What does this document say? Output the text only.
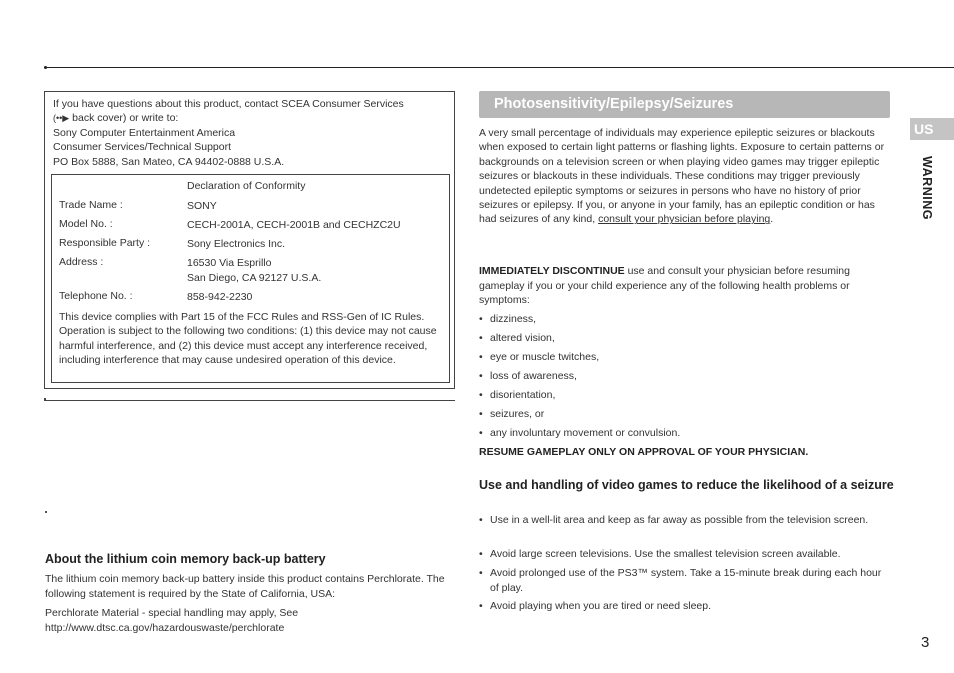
If you have questions about this product, contact SCEA Consumer Services
(••▶ back cover) or write to:
Sony Computer Entertainment America
Consumer Services/Technical Support
PO Box 5888, San Mateo, CA 94402-0888 U.S.A.
Declaration of Conformity
Trade Name :	SONY
Model No. :	CECH-2001A, CECH-2001B and CECHZC2U
Responsible Party :	Sony Electronics Inc.
Address :	16530 Via Esprillo
San Diego, CA 92127 U.S.A.
Telephone No. :	858-942-2230
This device complies with Part 15 of the FCC Rules and RSS-Gen of IC Rules. Operation is subject to the following two conditions: (1) this device may not cause harmful interference, and (2) this device must accept any interference received, including interference that may cause undesired operation of this device.
About the lithium coin memory back-up battery
The lithium coin memory back-up battery inside this product contains Perchlorate. The following statement is required by the State of California, USA:
Perchlorate Material - special handling may apply, See
http://www.dtsc.ca.gov/hazardouswaste/perchlorate
Photosensitivity/Epilepsy/Seizures
A very small percentage of individuals may experience epileptic seizures or blackouts when exposed to certain light patterns or flashing lights. Exposure to certain patterns or backgrounds on a television screen or when playing video games may trigger epileptic seizures or blackouts in these individuals. These conditions may trigger previously undetected epileptic symptoms or seizures in persons who have no history of prior seizures or epilepsy. If you, or anyone in your family, has an epileptic condition or has had seizures of any kind, consult your physician before playing.
IMMEDIATELY DISCONTINUE use and consult your physician before resuming gameplay if you or your child experience any of the following health problems or symptoms:
• dizziness,
• altered vision,
• eye or muscle twitches,
• loss of awareness,
• disorientation,
• seizures, or
• any involuntary movement or convulsion.
RESUME GAMEPLAY ONLY ON APPROVAL OF YOUR PHYSICIAN.
Use and handling of video games to reduce the likelihood of a seizure
• Use in a well-lit area and keep as far away as possible from the television screen.
• Avoid large screen televisions. Use the smallest television screen available.
• Avoid prolonged use of the PS3™ system. Take a 15-minute break during each hour of play.
• Avoid playing when you are tired or need sleep.
US
WARNING
3
